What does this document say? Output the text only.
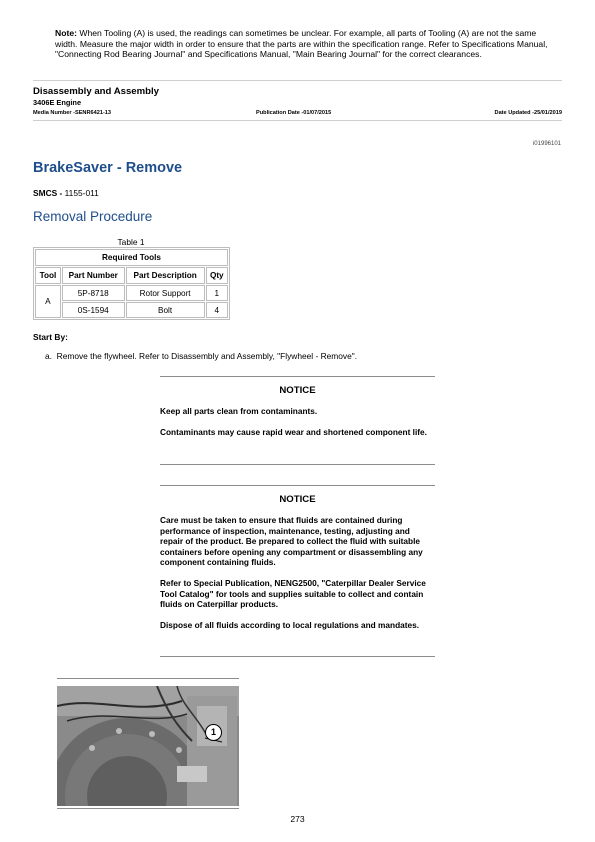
Note: When Tooling (A) is used, the readings can sometimes be unclear. For example, all parts of Tooling (A) are not the same width. Measure the major width in order to ensure that the parts are within the specification range. Refer to Specifications Manual, "Connecting Rod Bearing Journal" and Specifications Manual, "Main Bearing Journal" for the correct clearances.
Disassembly and Assembly
3406E Engine
Media Number -SENR6421-13	Publication Date -01/07/2015	Date Updated -25/01/2019
i01996101
BrakeSaver - Remove
SMCS - 1155-011
Removal Procedure
Table 1
Required Tools			
Tool	Part Number	Part Description	Qty
A	5P-8718	Rotor Support	1
	0S-1594	Bolt	4
Start By:
a. Remove the flywheel. Refer to Disassembly and Assembly, "Flywheel - Remove".
NOTICE

Keep all parts clean from contaminants.

Contaminants may cause rapid wear and shortened component life.

NOTICE

Care must be taken to ensure that fluids are contained during performance of inspection, maintenance, testing, adjusting and repair of the product. Be prepared to collect the fluid with suitable containers before opening any compartment or disassembling any component containing fluids.

Refer to Special Publication, NENG2500, "Caterpillar Dealer Service Tool Catalog" for tools and supplies suitable to collect and contain fluids on Caterpillar products.

Dispose of all fluids according to local regulations and mandates.

1
273
